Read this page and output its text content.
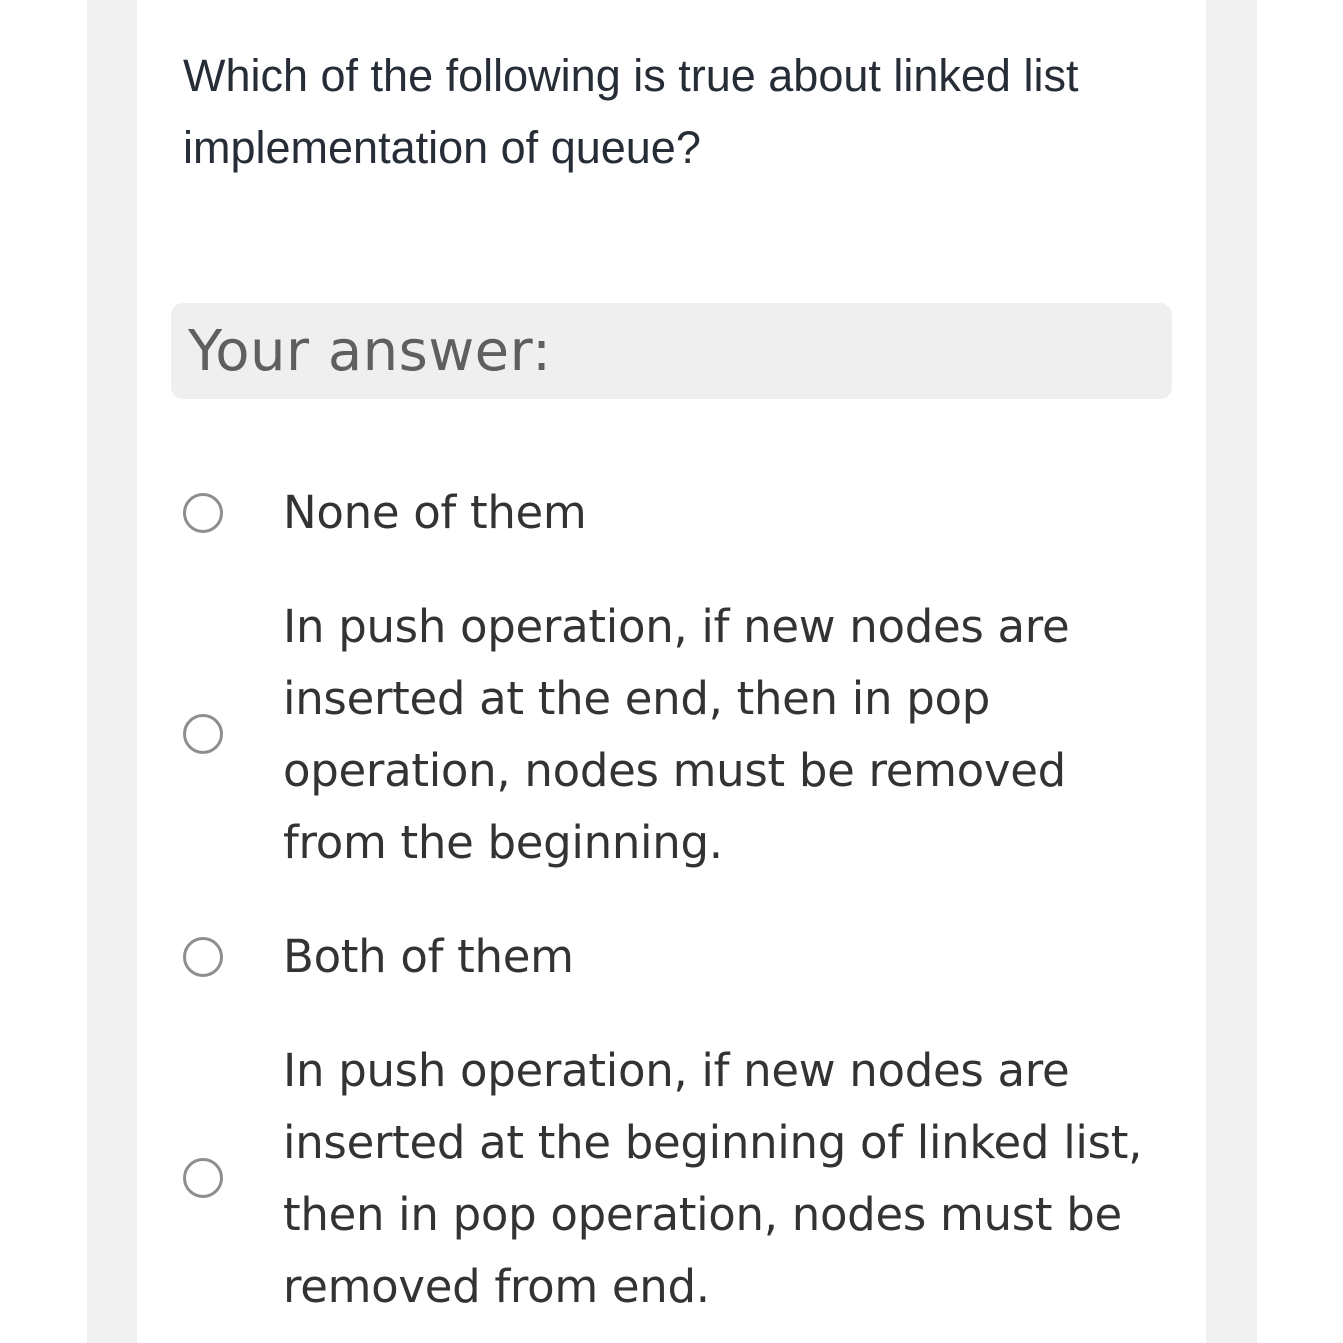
Which of the following is true about linked list implementation of queue?

Your answer:
None of them
In push operation, if new nodes are inserted at the end, then in pop operation, nodes must be removed from the beginning.
Both of them
In push operation, if new nodes are inserted at the beginning of linked list, then in pop operation, nodes must be removed from end.
